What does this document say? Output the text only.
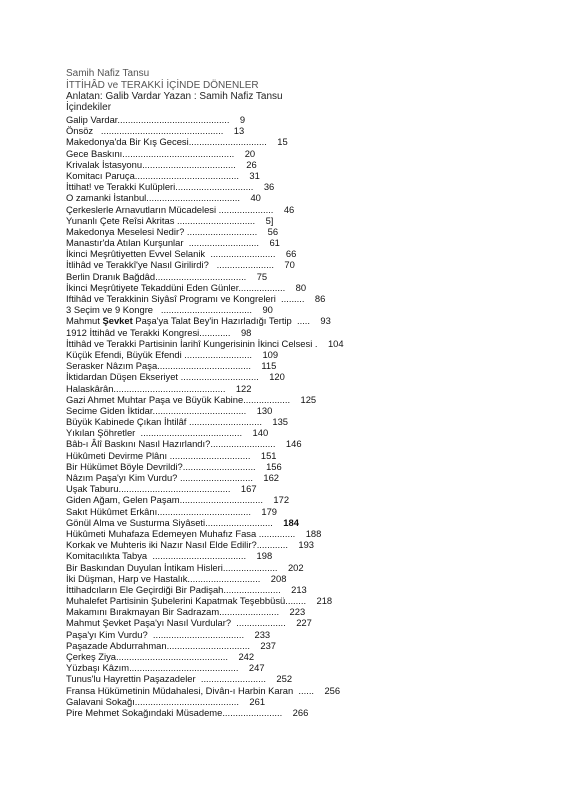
Samih Nafiz Tansu
İTTİHÂD ve TERAKKİ İÇİNDE DÖNENLER
Anlatan: Galib Vardar Yazan : Samih Nafiz Tansu
İçindekiler
Galip Vardar...........................................    9
Önsöz   ...............................................    13
Makedonya'da Bir Kış Gecesi..............................    15
Gece Baskını...........................................    20
Krivalak İstasyonu....................................    26
Komitacı Paruça........................................    31
İttihat! ve Terakki Kulüpleri..............................    36
O zamanki İstanbul....................................    40
Çerkeslerle Arnavutların Mücadelesi .....................    46
Yunanlı Çete Reîsi Akritas ..............................    5]
Makedonya Meselesi Nedir? ...........................    56
Manastır'da Atılan Kurşunlar  ...........................    61
İkinci Meşrûtiyetten Evvel Selanik  .........................    66
İtlihâd ve Terakkî'ye Nasıl Girilirdi?   ......................    70
Berlin Dranık Bağdâd...................................    75
İkinci Meşrûtiyete Tekaddüni Eden Günler..................    80
Iftihâd ve Terakkinin Siyâsî Programı ve Kongreleri  .........    86
3 Seçim ve 9 Kongre   ...................................    90
Mahmut Şevket Paşa'ya Talat Bey'in Hazırladığı Tertip  .....    93
1912 İttihâd ve Terakki Kongresi............    98
İttihâd ve Terakki Partisinin İarihî Kungerisinin İkinci Celsesi .    104
Küçük Efendi, Büyük Efendi ..........................    109
Serasker Nâzım Paşa....................................    115
İktidardan Düşen Ekseriyet ..............................    120
Halaskârân...........................................    122
Gazi Ahmet Muhtar Paşa ve Büyük Kabine..................    125
Secime Giden İktidar....................................    130
Büyük Kabinede Çıkan İhtilâf ............................    135
Yıkılan Şöhretler  .......................................    140
Bâb-ı Âlî Baskını Nasıl Hazırlandı?.........................    146
Hükûmeti Devirme Plânı ...............................    151
Bir Hükümet Böyle Devrildi?............................    156
Nâzım Paşa'yı Kim Vurdu? ............................    162
Uşak Taburu...........................................    167
Giden Ağam, Gelen Paşam................................    172
Sakıt Hükûmet Erkânı....................................    179
Gönül Alma ve Susturma Siyâseti..........................    184
Hükûmeti Muhafaza Edemeyen Muhafız Fasa ..............    188
Korkak ve Muhteris iki Nazır Nasıl Elde Edilir?............    193
Komitacılıkta Tabya  ....................................    198
Bir Baskından Duyulan İntikam Hisleri.....................    202
İki Düşman, Harp ve Hastalık............................    208
İttihadcıların Ele Geçirdiği Bir Padişah......................    213
Muhalefet Partisinin Şubelerini Kapatmak Teşebbüsü........    218
Makamını Bırakmayan Bir Sadrazam.......................    223
Mahmut Şevket Paşa'yı Nasıl Vurdular?  ...................    227
Paşa'yı Kim Vurdu?  ...................................    233
Paşazade Abdurrahman................................    237
Çerkeş Ziya...........................................    242
Yüzbaşı Kâzım..........................................    247
Tunus'lu Hayrettin Paşazadeler  .........................    252
Fransa Hükümetinin Müdahalesi, Divân-ı Harbin Karan  ......    256
Galavani Sokağı........................................    261
Pire Mehmet Sokağındaki Müsademe.......................    266
